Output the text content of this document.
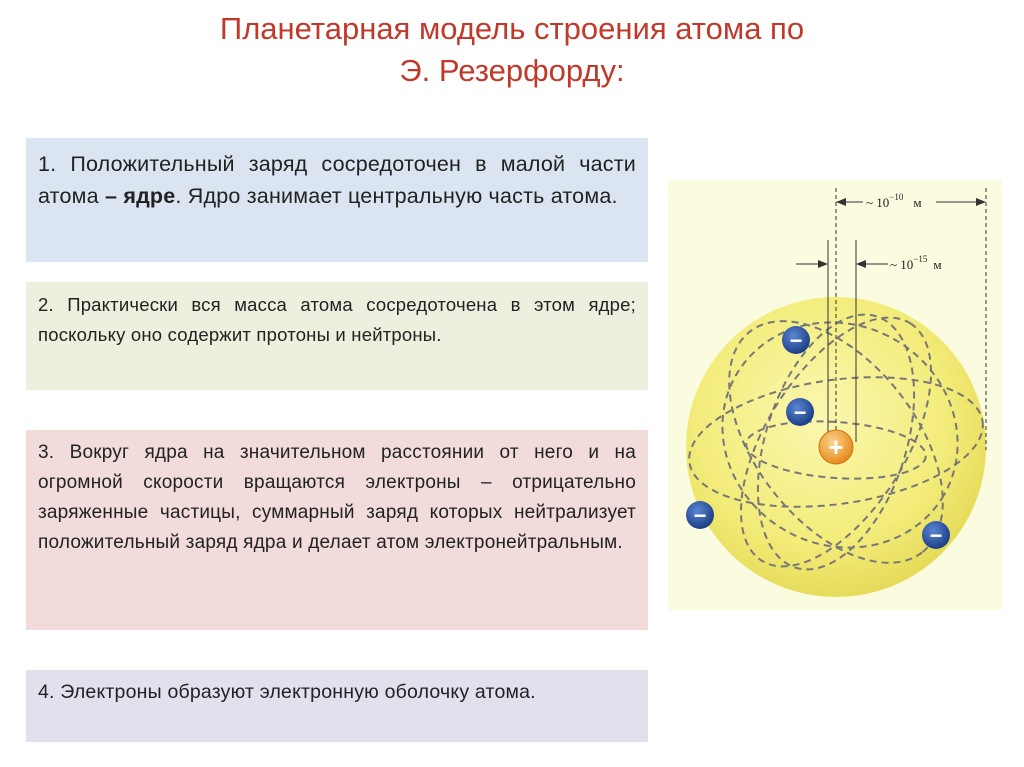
Планетарная модель строения атома по
Э. Резерфорду:
1. Положительный заряд сосредоточен в малой части атома – ядре. Ядро занимает центральную часть атома.
2. Практически вся масса атома сосредоточена в этом ядре; поскольку оно содержит протоны и нейтроны.
3. Вокруг ядра на значительном расстоянии от него и на огромной скорости вращаются электроны – отрицательно заряженные частицы, суммарный заряд которых нейтрализует положительный заряд ядра и делает атом электронейтральным.
4. Электроны образуют электронную оболочку атома.
~ $10^{-10}$ м
~ $10^{-15}$ м
+
−
−
−
−
